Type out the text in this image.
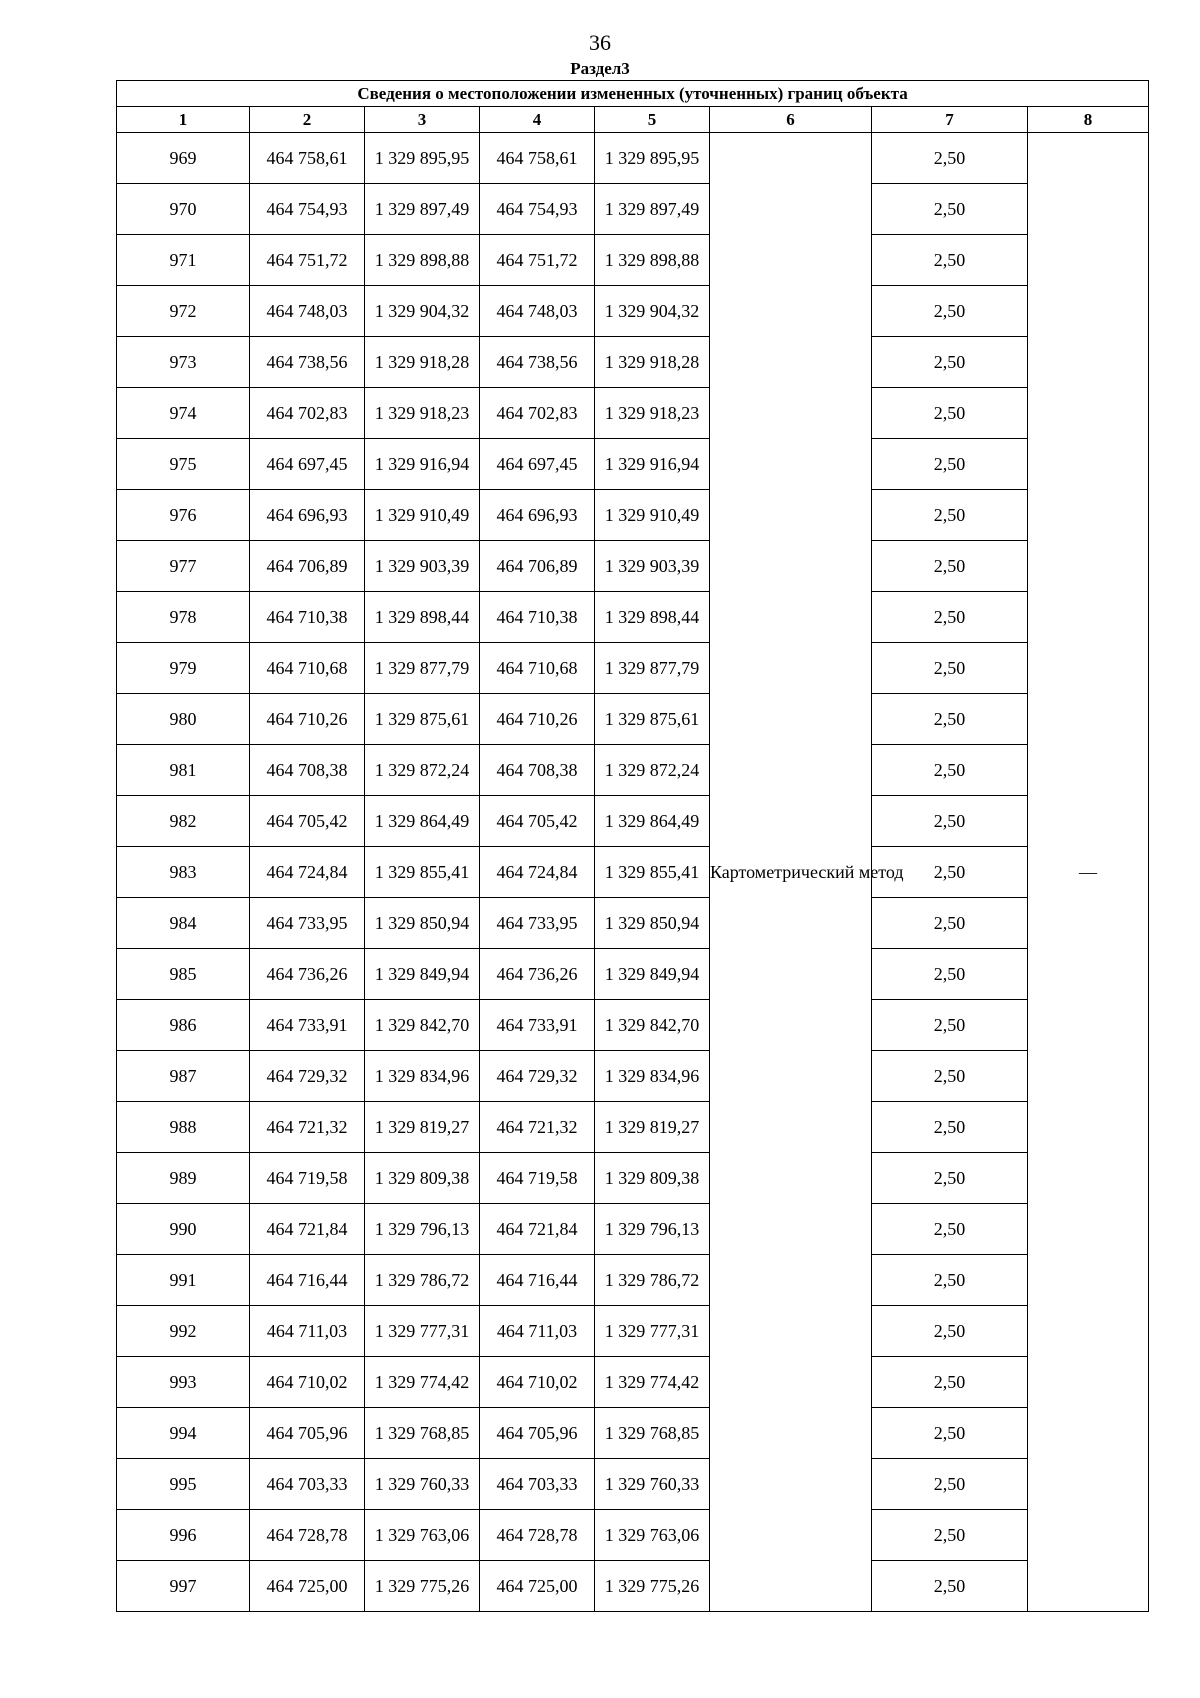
36
Раздел3
Сведения о местоположении измененных (уточненных) границ объекта							
1	2	3	4	5	6	7	8
969	464 758,61	1 329 895,95	464 758,61	1 329 895,95	Картометрический метод	2,50	—
970	464 754,93	1 329 897,49	464 754,93	1 329 897,49		2,50	
971	464 751,72	1 329 898,88	464 751,72	1 329 898,88		2,50	
972	464 748,03	1 329 904,32	464 748,03	1 329 904,32		2,50	
973	464 738,56	1 329 918,28	464 738,56	1 329 918,28		2,50	
974	464 702,83	1 329 918,23	464 702,83	1 329 918,23		2,50	
975	464 697,45	1 329 916,94	464 697,45	1 329 916,94		2,50	
976	464 696,93	1 329 910,49	464 696,93	1 329 910,49		2,50	
977	464 706,89	1 329 903,39	464 706,89	1 329 903,39		2,50	
978	464 710,38	1 329 898,44	464 710,38	1 329 898,44		2,50	
979	464 710,68	1 329 877,79	464 710,68	1 329 877,79		2,50	
980	464 710,26	1 329 875,61	464 710,26	1 329 875,61		2,50	
981	464 708,38	1 329 872,24	464 708,38	1 329 872,24		2,50	
982	464 705,42	1 329 864,49	464 705,42	1 329 864,49		2,50	
983	464 724,84	1 329 855,41	464 724,84	1 329 855,41		2,50	
984	464 733,95	1 329 850,94	464 733,95	1 329 850,94		2,50	
985	464 736,26	1 329 849,94	464 736,26	1 329 849,94		2,50	
986	464 733,91	1 329 842,70	464 733,91	1 329 842,70		2,50	
987	464 729,32	1 329 834,96	464 729,32	1 329 834,96		2,50	
988	464 721,32	1 329 819,27	464 721,32	1 329 819,27		2,50	
989	464 719,58	1 329 809,38	464 719,58	1 329 809,38		2,50	
990	464 721,84	1 329 796,13	464 721,84	1 329 796,13		2,50	
991	464 716,44	1 329 786,72	464 716,44	1 329 786,72		2,50	
992	464 711,03	1 329 777,31	464 711,03	1 329 777,31		2,50	
993	464 710,02	1 329 774,42	464 710,02	1 329 774,42		2,50	
994	464 705,96	1 329 768,85	464 705,96	1 329 768,85		2,50	
995	464 703,33	1 329 760,33	464 703,33	1 329 760,33		2,50	
996	464 728,78	1 329 763,06	464 728,78	1 329 763,06		2,50	
997	464 725,00	1 329 775,26	464 725,00	1 329 775,26		2,50	
